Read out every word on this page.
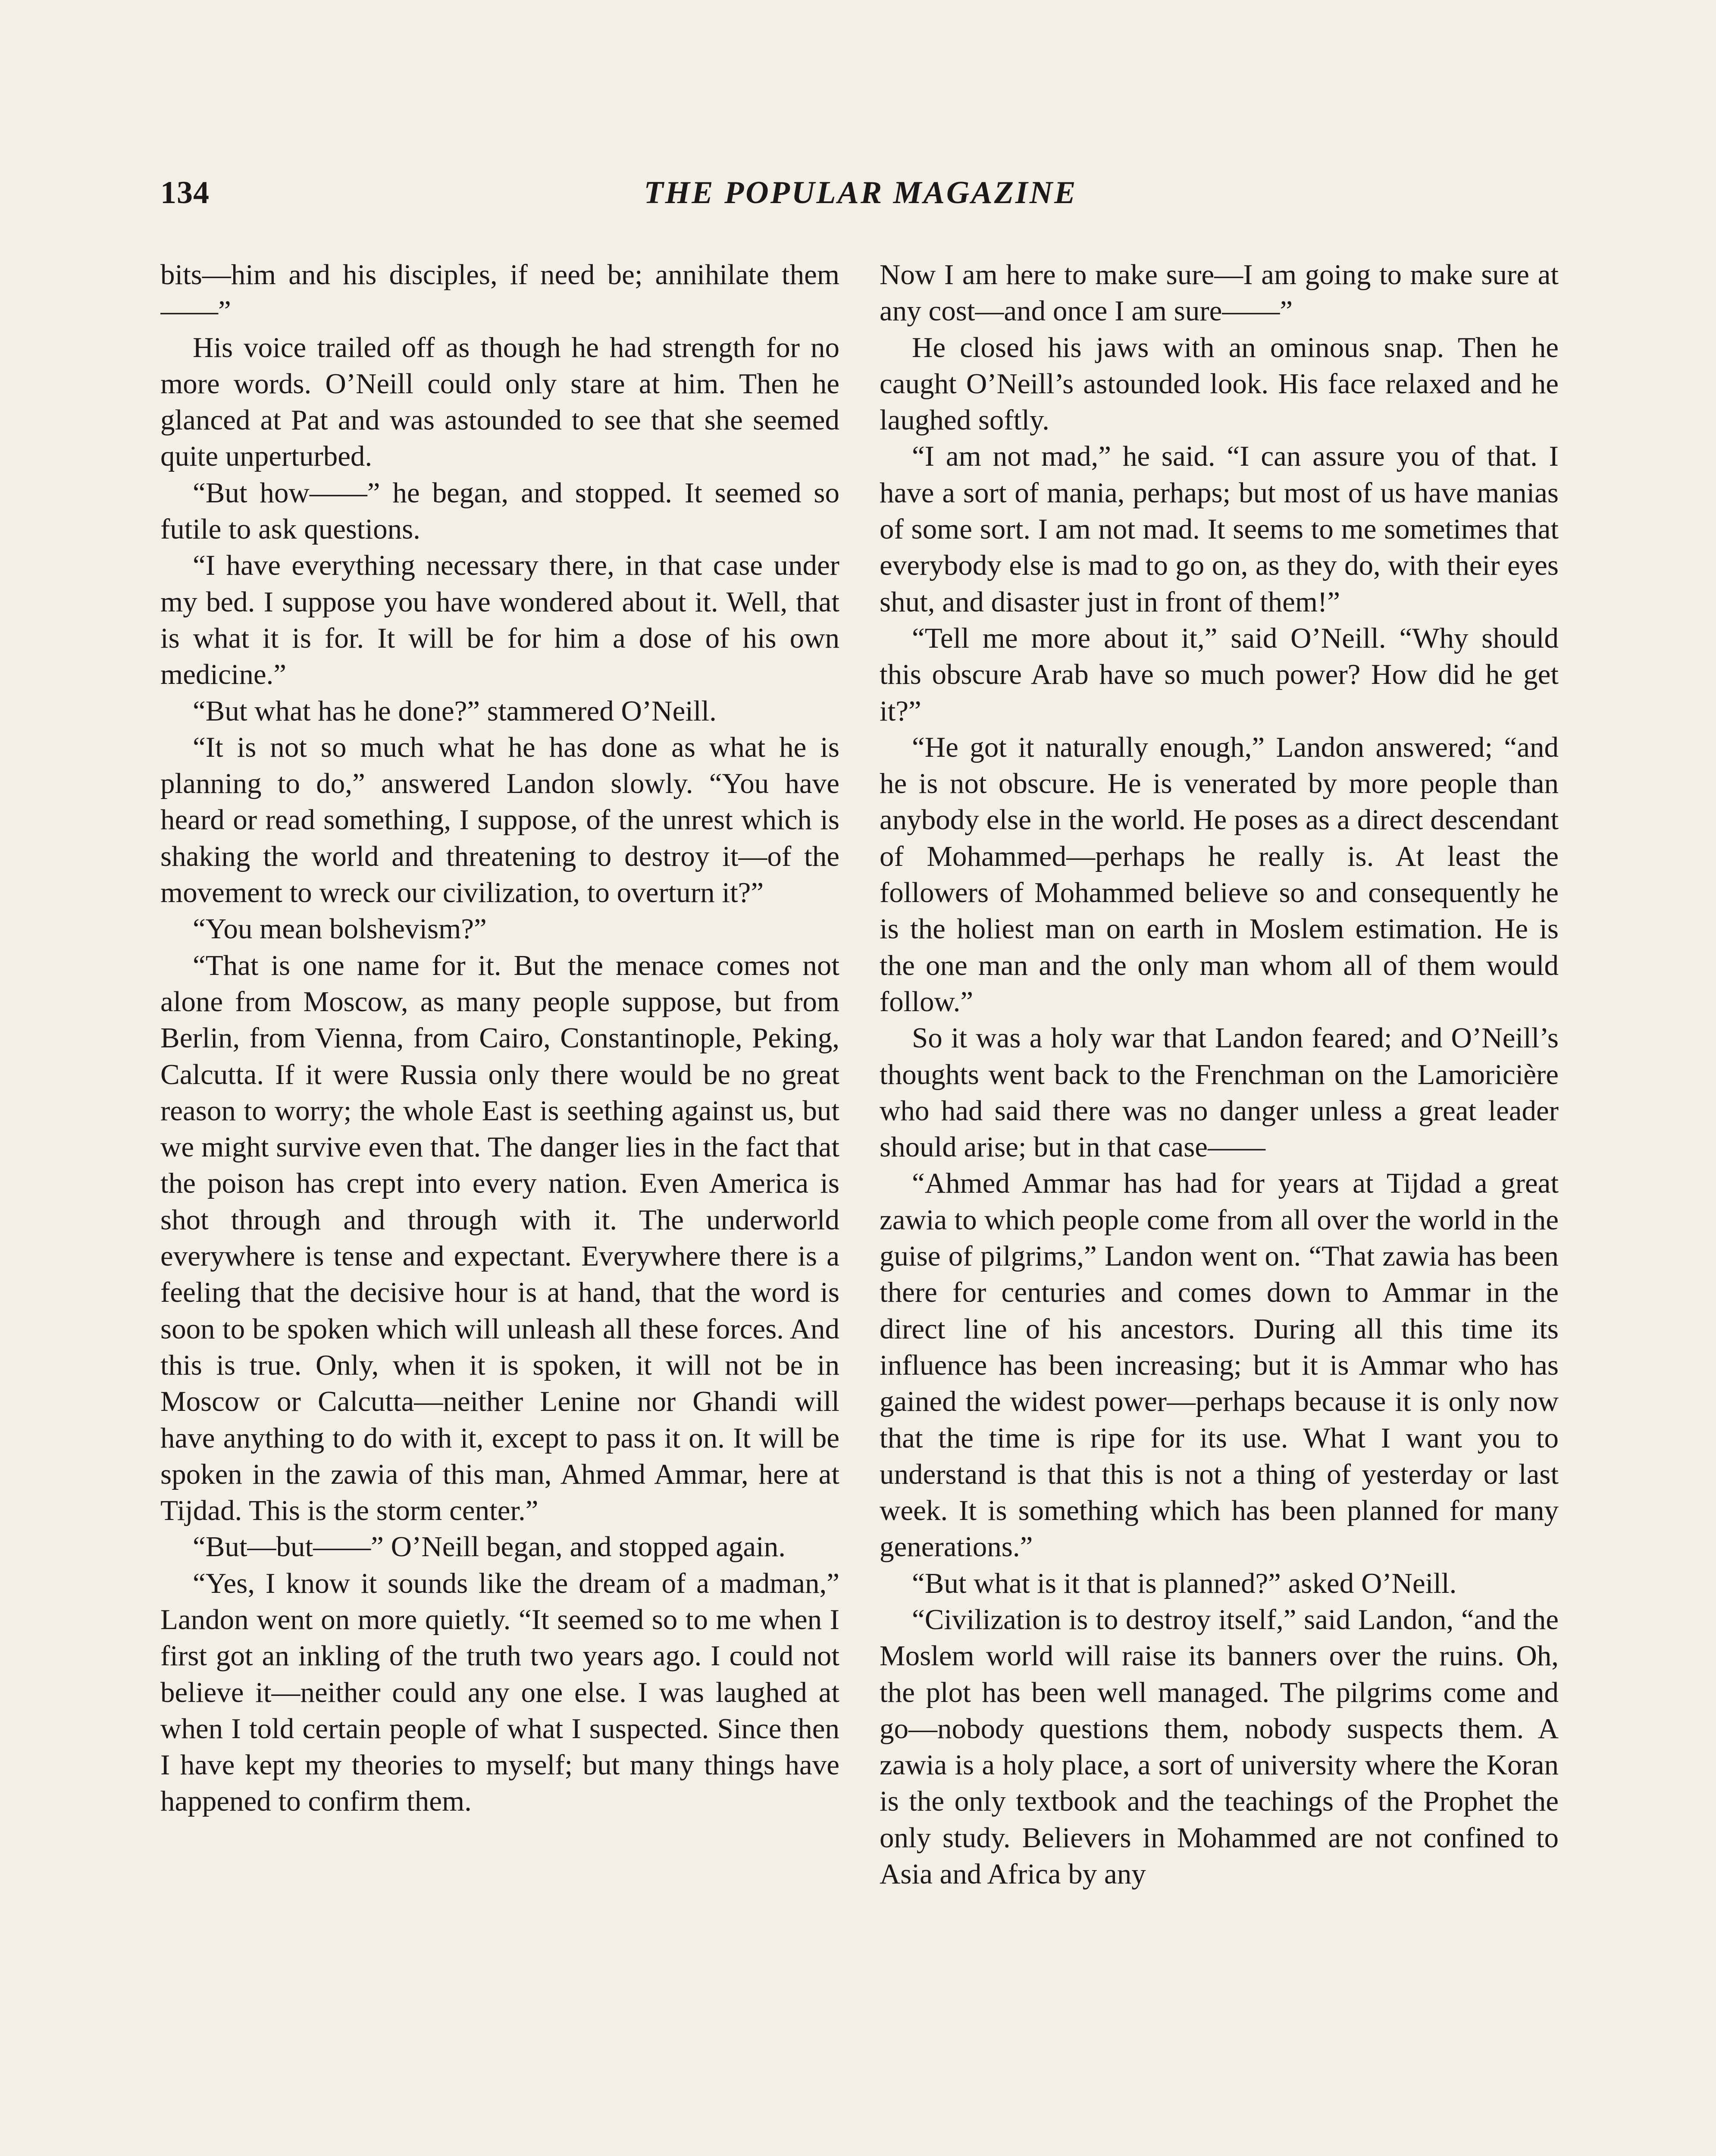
134	THE POPULAR MAGAZINE

bits—him and his disciples, if need be; annihilate them——”

His voice trailed off as though he had strength for no more words. O’Neill could only stare at him. Then he glanced at Pat and was astounded to see that she seemed quite unperturbed.

“But how——” he began, and stopped. It seemed so futile to ask questions.

“I have everything necessary there, in that case under my bed. I suppose you have wondered about it. Well, that is what it is for. It will be for him a dose of his own medicine.”

“But what has he done?” stammered O’Neill.

“It is not so much what he has done as what he is planning to do,” answered Landon slowly. “You have heard or read something, I suppose, of the unrest which is shaking the world and threatening to destroy it—of the movement to wreck our civilization, to overturn it?”

“You mean bolshevism?”

“That is one name for it. But the menace comes not alone from Moscow, as many people suppose, but from Berlin, from Vienna, from Cairo, Constantinople, Peking, Calcutta. If it were Russia only there would be no great reason to worry; the whole East is seething against us, but we might survive even that. The danger lies in the fact that the poison has crept into every nation. Even America is shot through and through with it. The underworld everywhere is tense and expectant. Everywhere there is a feeling that the decisive hour is at hand, that the word is soon to be spoken which will unleash all these forces. And this is true. Only, when it is spoken, it will not be in Moscow or Calcutta—neither Lenine nor Ghandi will have anything to do with it, except to pass it on. It will be spoken in the zawia of this man, Ahmed Ammar, here at Tijdad. This is the storm center.”

“But—but——” O’Neill began, and stopped again.

“Yes, I know it sounds like the dream of a madman,” Landon went on more quietly. “It seemed so to me when I first got an inkling of the truth two years ago. I could not believe it—neither could any one else. I was laughed at when I told certain people of what I suspected. Since then I have kept my theories to myself; but many things have happened to confirm them.

Now I am here to make sure—I am going to make sure at any cost—and once I am sure——”

He closed his jaws with an ominous snap. Then he caught O’Neill’s astounded look. His face relaxed and he laughed softly.

“I am not mad,” he said. “I can assure you of that. I have a sort of mania, perhaps; but most of us have manias of some sort. I am not mad. It seems to me sometimes that everybody else is mad to go on, as they do, with their eyes shut, and disaster just in front of them!”

“Tell me more about it,” said O’Neill. “Why should this obscure Arab have so much power? How did he get it?”

“He got it naturally enough,” Landon answered; “and he is not obscure. He is venerated by more people than anybody else in the world. He poses as a direct descendant of Mohammed—perhaps he really is. At least the followers of Mohammed believe so and consequently he is the holiest man on earth in Moslem estimation. He is the one man and the only man whom all of them would follow.”

So it was a holy war that Landon feared; and O’Neill’s thoughts went back to the Frenchman on the Lamoricière who had said there was no danger unless a great leader should arise; but in that case——

“Ahmed Ammar has had for years at Tijdad a great zawia to which people come from all over the world in the guise of pilgrims,” Landon went on. “That zawia has been there for centuries and comes down to Ammar in the direct line of his ancestors. During all this time its influence has been increasing; but it is Ammar who has gained the widest power—perhaps because it is only now that the time is ripe for its use. What I want you to understand is that this is not a thing of yesterday or last week. It is something which has been planned for many generations.”

“But what is it that is planned?” asked O’Neill.

“Civilization is to destroy itself,” said Landon, “and the Moslem world will raise its banners over the ruins. Oh, the plot has been well managed. The pilgrims come and go—nobody questions them, nobody suspects them. A zawia is a holy place, a sort of university where the Koran is the only textbook and the teachings of the Prophet the only study. Believers in Mohammed are not confined to Asia and Africa by any
